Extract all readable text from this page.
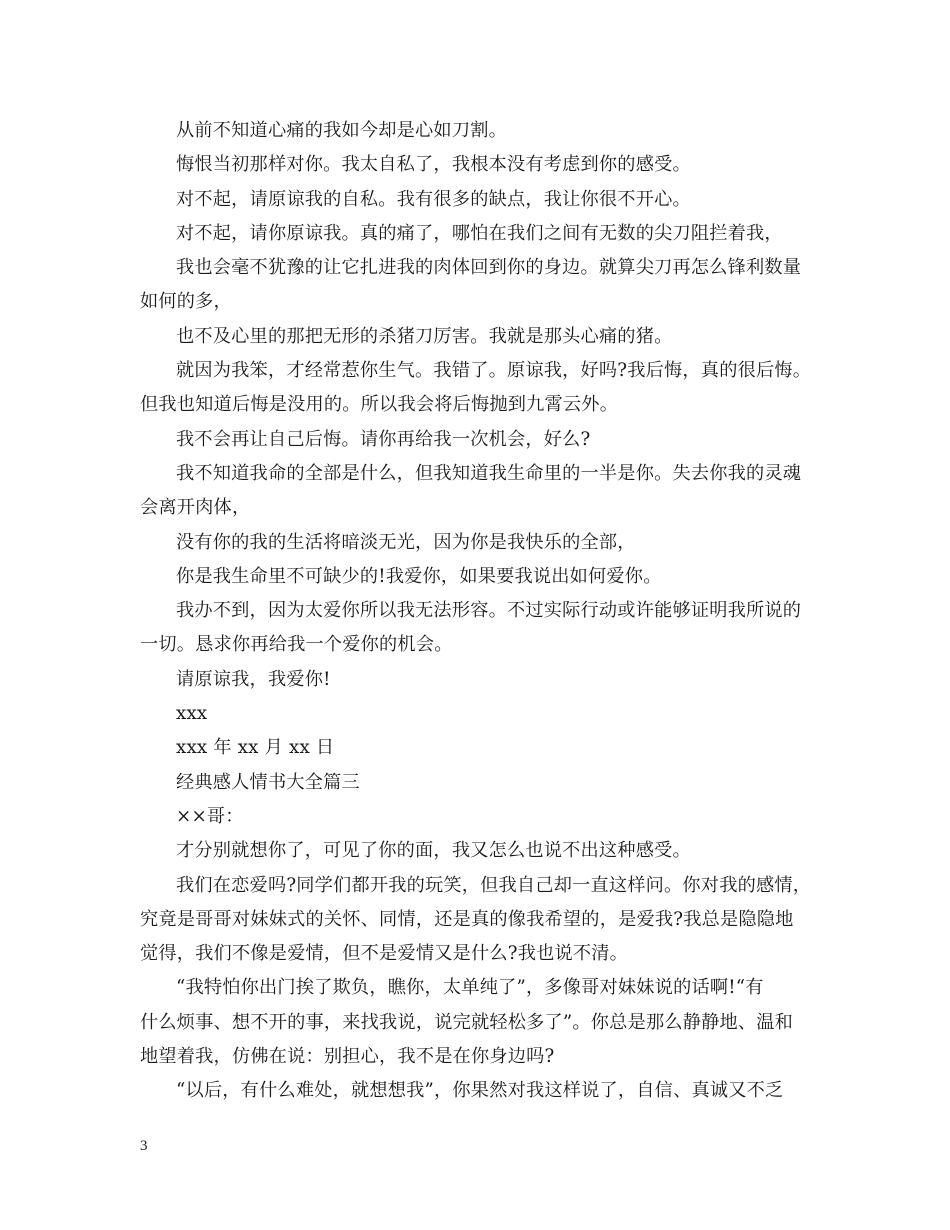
从前不知道心痛的我如今却是心如刀割。

悔恨当初那样对你。我太自私了，我根本没有考虑到你的感受。

对不起，请原谅我的自私。我有很多的缺点，我让你很不开心。

对不起，请你原谅我。真的痛了，哪怕在我们之间有无数的尖刀阻拦着我，

我也会毫不犹豫的让它扎进我的肉体回到你的身边。就算尖刀再怎么锋利数量

如何的多，

也不及心里的那把无形的杀猪刀厉害。我就是那头心痛的猪。

就因为我笨，才经常惹你生气。我错了。原谅我，好吗?我后悔，真的很后悔。

但我也知道后悔是没用的。所以我会将后悔抛到九霄云外。

我不会再让自己后悔。请你再给我一次机会，好么?

我不知道我命的全部是什么，但我知道我生命里的一半是你。失去你我的灵魂

会离开肉体，

没有你的我的生活将暗淡无光，因为你是我快乐的全部，

你是我生命里不可缺少的!我爱你，如果要我说出如何爱你。

我办不到，因为太爱你所以我无法形容。不过实际行动或许能够证明我所说的

一切。恳求你再给我一个爱你的机会。

请原谅我，我爱你!

xxx

xxx 年 xx 月 xx 日

经典感人情书大全篇三

××哥：

才分别就想你了，可见了你的面，我又怎么也说不出这种感受。

我们在恋爱吗?同学们都开我的玩笑，但我自己却一直这样问。你对我的感情，

究竟是哥哥对妹妹式的关怀、同情，还是真的像我希望的，是爱我?我总是隐隐地

觉得，我们不像是爱情，但不是爱情又是什么?我也说不清。

“我特怕你出门挨了欺负，瞧你，太单纯了”，多像哥对妹妹说的话啊!“有

什么烦事、想不开的事，来找我说，说完就轻松多了”。你总是那么静静地、温和

地望着我，仿佛在说：别担心，我不是在你身边吗?

“以后，有什么难处，就想想我”，你果然对我这样说了，自信、真诚又不乏

3
